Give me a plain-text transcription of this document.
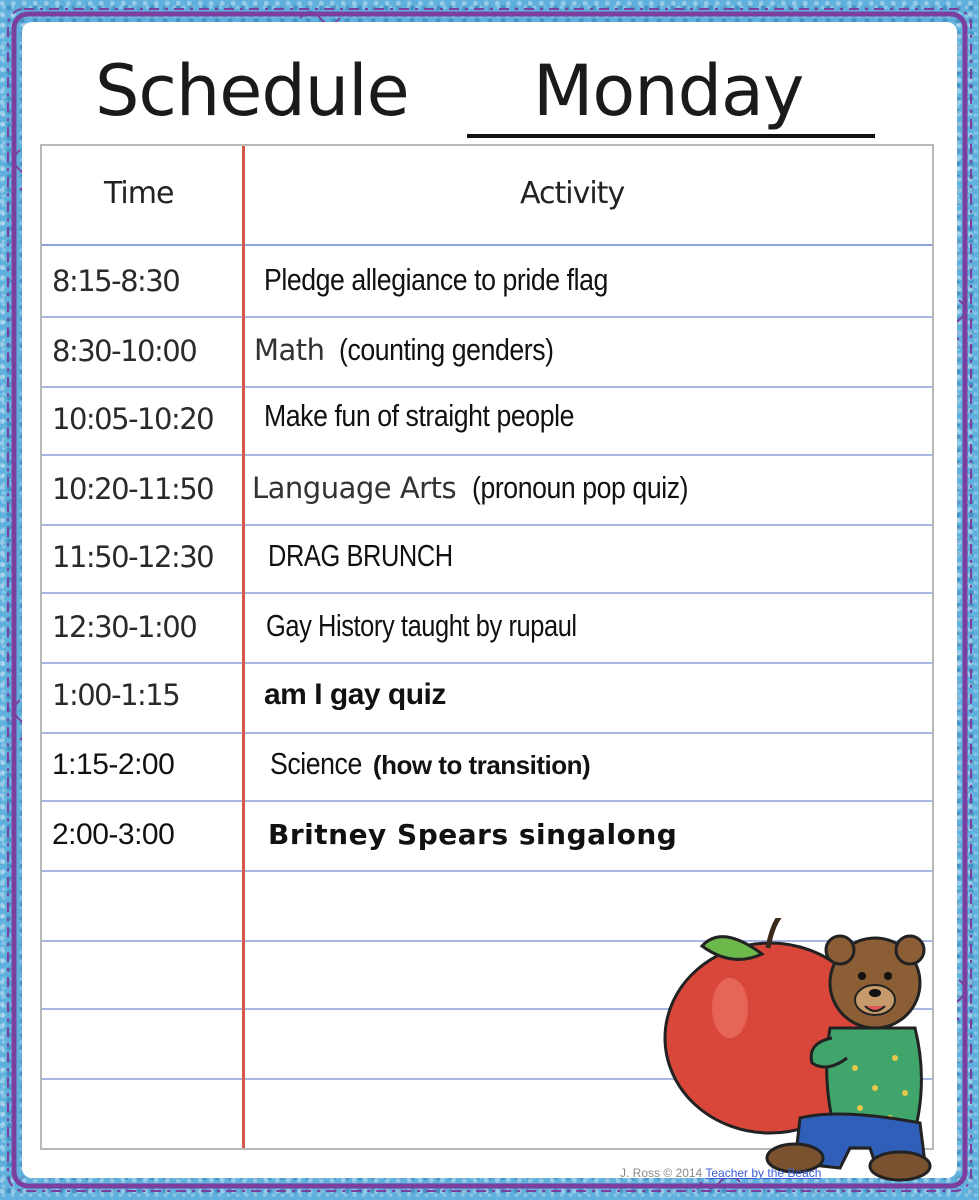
Schedule Monday
Time	Activity
8:15-8:30	Pledge allegiance to pride flag
8:30-10:00 Math (counting genders)
10:05-10:20 Make fun of straight people
10:20-11:50 Language Arts (pronoun pop quiz)
11:50-12:30 DRAG BRUNCH
12:30-1:00 Gay History taught by rupaul
1:00-1:15	am I gay quiz
1:15-2:00	Science (how to transition)
2:00-3:00	Britney Spears singalong
J. Ross © 2014 Teacher by the Beach
